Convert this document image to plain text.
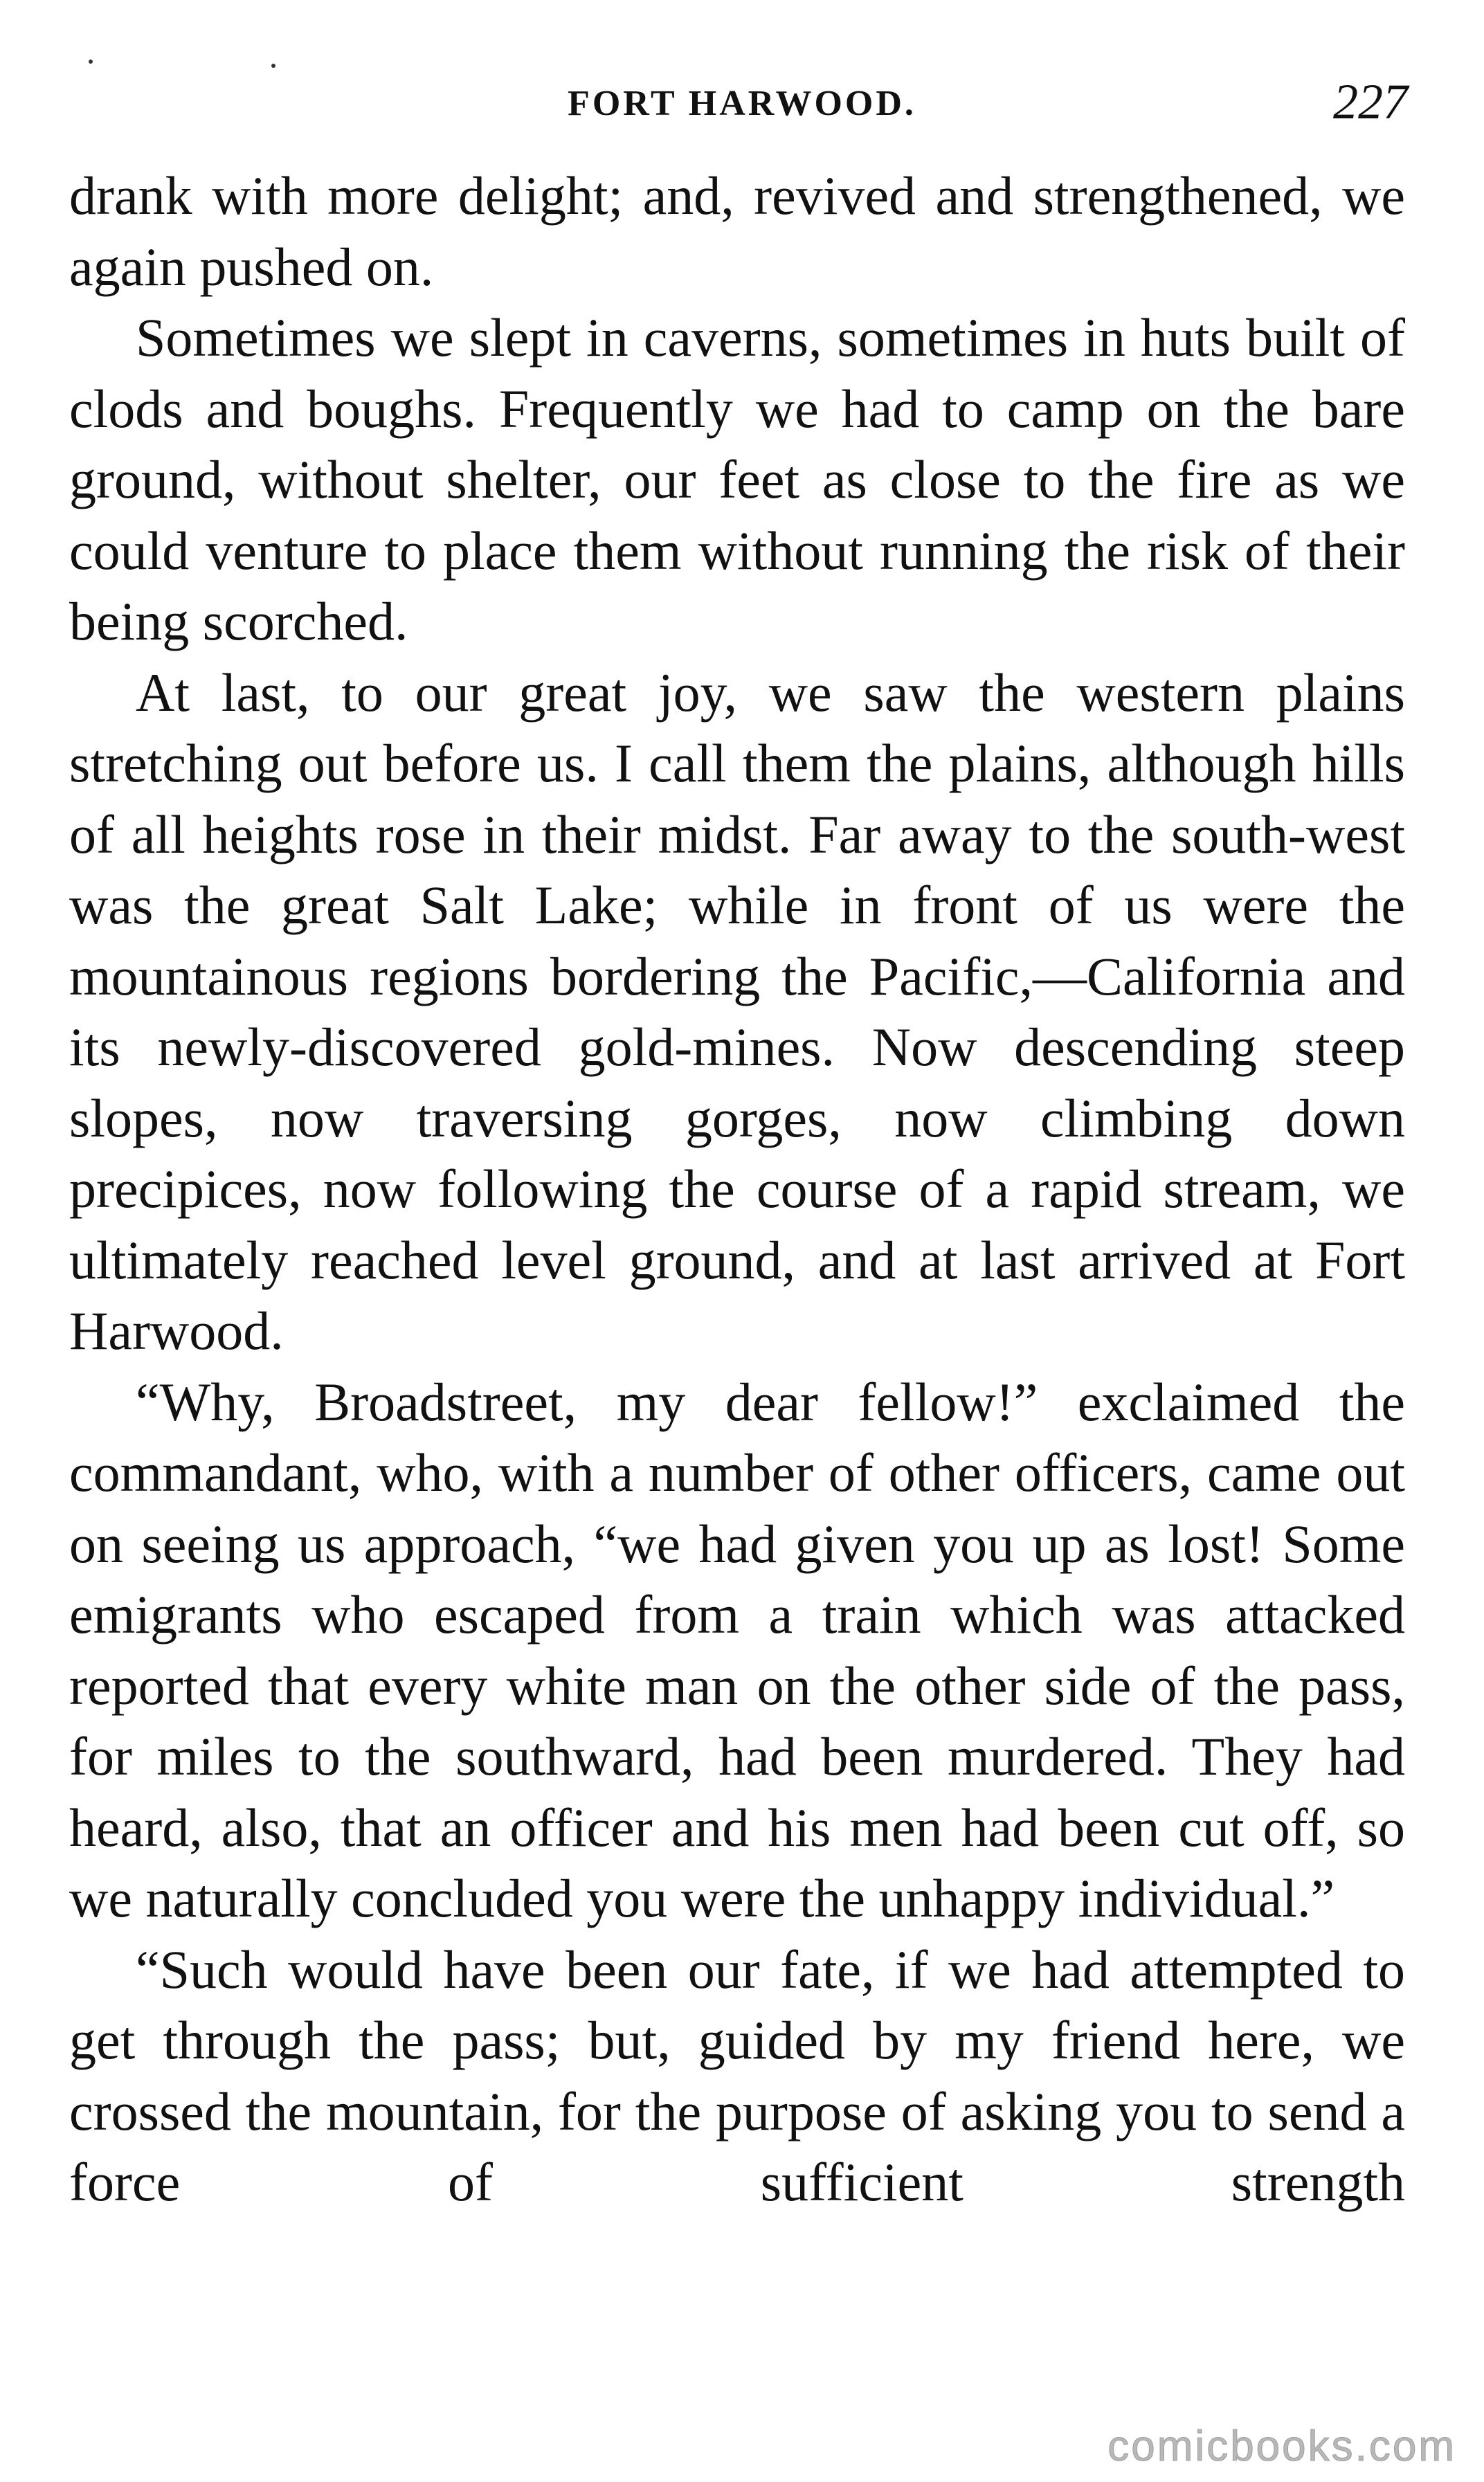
FORT HARWOOD.	227

drank with more delight; and, revived and strengthened, we again pushed on.

Sometimes we slept in caverns, sometimes in huts built of clods and boughs. Frequently we had to camp on the bare ground, without shelter, our feet as close to the fire as we could venture to place them without running the risk of their being scorched.

At last, to our great joy, we saw the western plains stretching out before us. I call them the plains, although hills of all heights rose in their midst. Far away to the south-west was the great Salt Lake; while in front of us were the mountainous regions bordering the Pacific,—California and its newly-discovered gold-mines. Now descending steep slopes, now traversing gorges, now climbing down precipices, now following the course of a rapid stream, we ultimately reached level ground, and at last arrived at Fort Harwood.

“Why, Broadstreet, my dear fellow!” exclaimed the commandant, who, with a number of other officers, came out on seeing us approach, “we had given you up as lost! Some emigrants who escaped from a train which was attacked reported that every white man on the other side of the pass, for miles to the southward, had been murdered. They had heard, also, that an officer and his men had been cut off, so we naturally concluded you were the unhappy individual.”

“Such would have been our fate, if we had attempted to get through the pass; but, guided by my friend here, we crossed the mountain, for the purpose of asking you to send a force of sufficient strength

comicbooks.com
